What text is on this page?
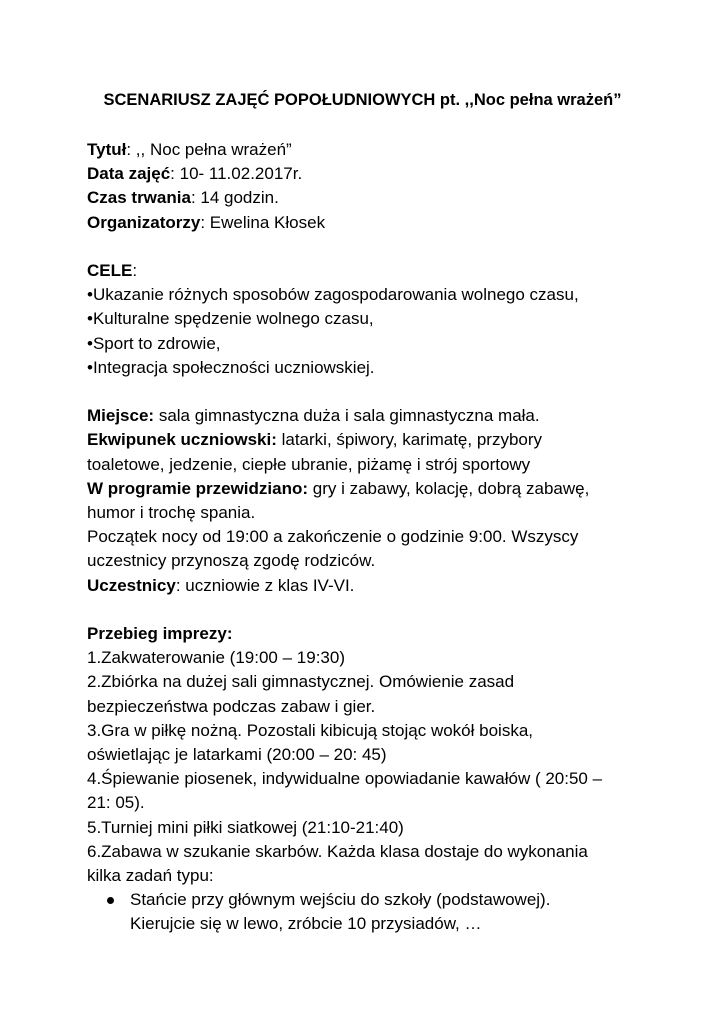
SCENARIUSZ ZAJĘĆ POPOŁUDNIOWYCH pt. ,,Noc pełna wrażeń”
Tytuł: ,, Noc pełna wrażeń”
Data zajęć: 10- 11.02.2017r.
Czas trwania: 14 godzin.
Organizatorzy: Ewelina Kłosek
CELE:
•Ukazanie różnych sposobów zagospodarowania wolnego czasu,
•Kulturalne spędzenie wolnego czasu,
•Sport to zdrowie,
•Integracja społeczności uczniowskiej.
Miejsce: sala gimnastyczna duża i sala gimnastyczna mała.
Ekwipunek uczniowski: latarki, śpiwory, karimatę, przybory
toaletowe, jedzenie, ciepłe ubranie, piżamę i strój sportowy
W programie przewidziano: gry i zabawy, kolację, dobrą zabawę,
humor i trochę spania.
Początek nocy od 19:00 a zakończenie o godzinie 9:00. Wszyscy
uczestnicy przynoszą zgodę rodziców.
Uczestnicy: uczniowie z klas IV-VI.
Przebieg imprezy:
1.Zakwaterowanie (19:00 – 19:30)
2.Zbiórka na dużej sali gimnastycznej. Omówienie zasad
bezpieczeństwa podczas zabaw i gier.
3.Gra w piłkę nożną. Pozostali kibicują stojąc wokół boiska,
oświetlając je latarkami (20:00 – 20: 45)
4.Śpiewanie piosenek, indywidualne opowiadanie kawałów ( 20:50 –
21: 05).
5.Turniej mini piłki siatkowej (21:10-21:40)
6.Zabawa w szukanie skarbów. Każda klasa dostaje do wykonania
kilka zadań typu:
Stańcie przy głównym wejściu do szkoły (podstawowej).
Kierujcie się w lewo, zróbcie 10 przysiadów, …
